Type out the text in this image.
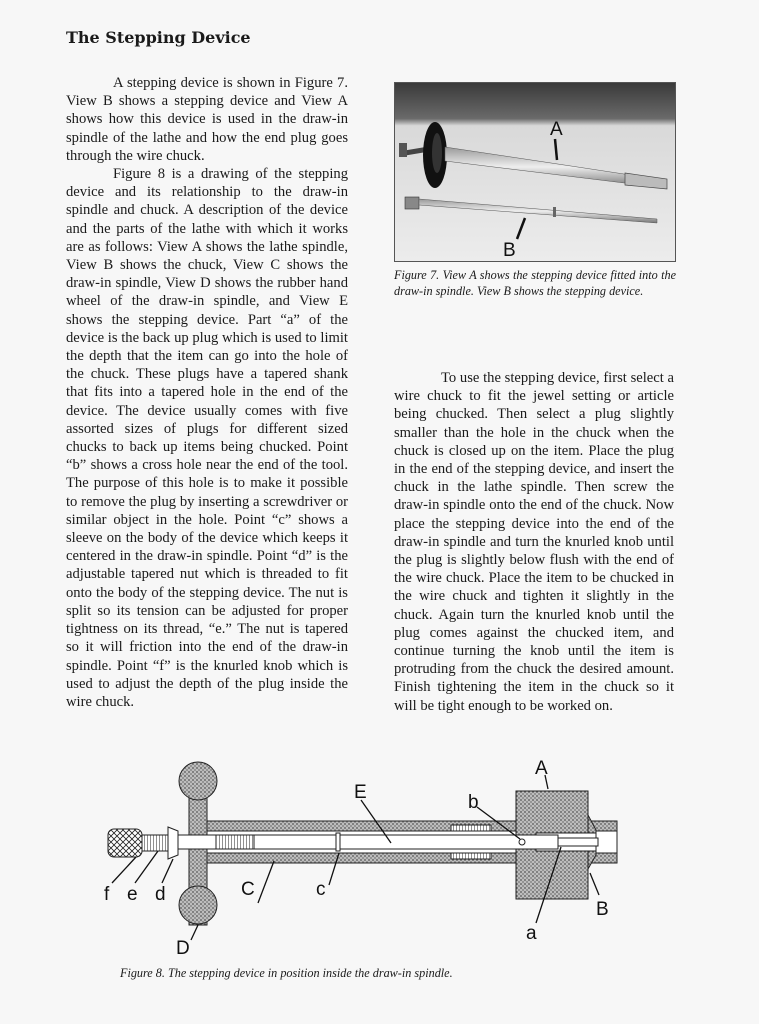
The Stepping Device

A stepping device is shown in Figure 7. View B shows a stepping device and View A shows how this device is used in the draw-in spindle of the lathe and how the end plug goes through the wire chuck.

Figure 8 is a drawing of the stepping device and its relationship to the draw-in spindle and chuck. A description of the device and the parts of the lathe with which it works are as follows: View A shows the lathe spindle, View B shows the chuck, View C shows the draw-in spindle, View D shows the rubber hand wheel of the draw-in spindle, and View E shows the stepping device. Part “a” of the device is the back up plug which is used to limit the depth that the item can go into the hole of the chuck. These plugs have a tapered shank that fits into a tapered hole in the end of the device. The device usually comes with five assorted sizes of plugs for different sized chucks to back up items being chucked. Point “b” shows a cross hole near the end of the tool. The purpose of this hole is to make it possible to remove the plug by inserting a screwdriver or similar object in the hole. Point “c” shows a sleeve on the body of the device which keeps it centered in the draw-in spindle. Point “d” is the adjustable tapered nut which is threaded to fit onto the body of the stepping device. The nut is split so its tension can be adjusted for proper tightness on its thread, “e.” The nut is tapered so it will friction into the end of the draw-in spindle. Point “f” is the knurled knob which is used to adjust the depth of the plug inside the wire chuck.

A
B

Figure 7. View A shows the stepping device fitted into the draw-in spindle. View B shows the stepping device.

To use the stepping device, first select a wire chuck to fit the jewel setting or article being chucked. Then select a plug slightly smaller than the hole in the chuck when the chuck is closed up on the item. Place the plug in the end of the stepping device, and insert the chuck in the lathe spindle. Then screw the draw-in spindle onto the end of the chuck. Now place the stepping device into the end of the draw-in spindle and turn the knurled knob until the plug is slightly below flush with the end of the wire chuck. Place the item to be chucked in the wire chuck and tighten it slightly in the chuck. Again turn the knurled knob until the plug comes against the chucked item, and continue turning the knob until the item is protruding from the chuck the desired amount. Finish tightening the item in the chuck so it will be tight enough to be worked on.

A
B
C	c
D
E
a
b
d
e
f

Figure 8. The stepping device in position inside the draw-in spindle.
